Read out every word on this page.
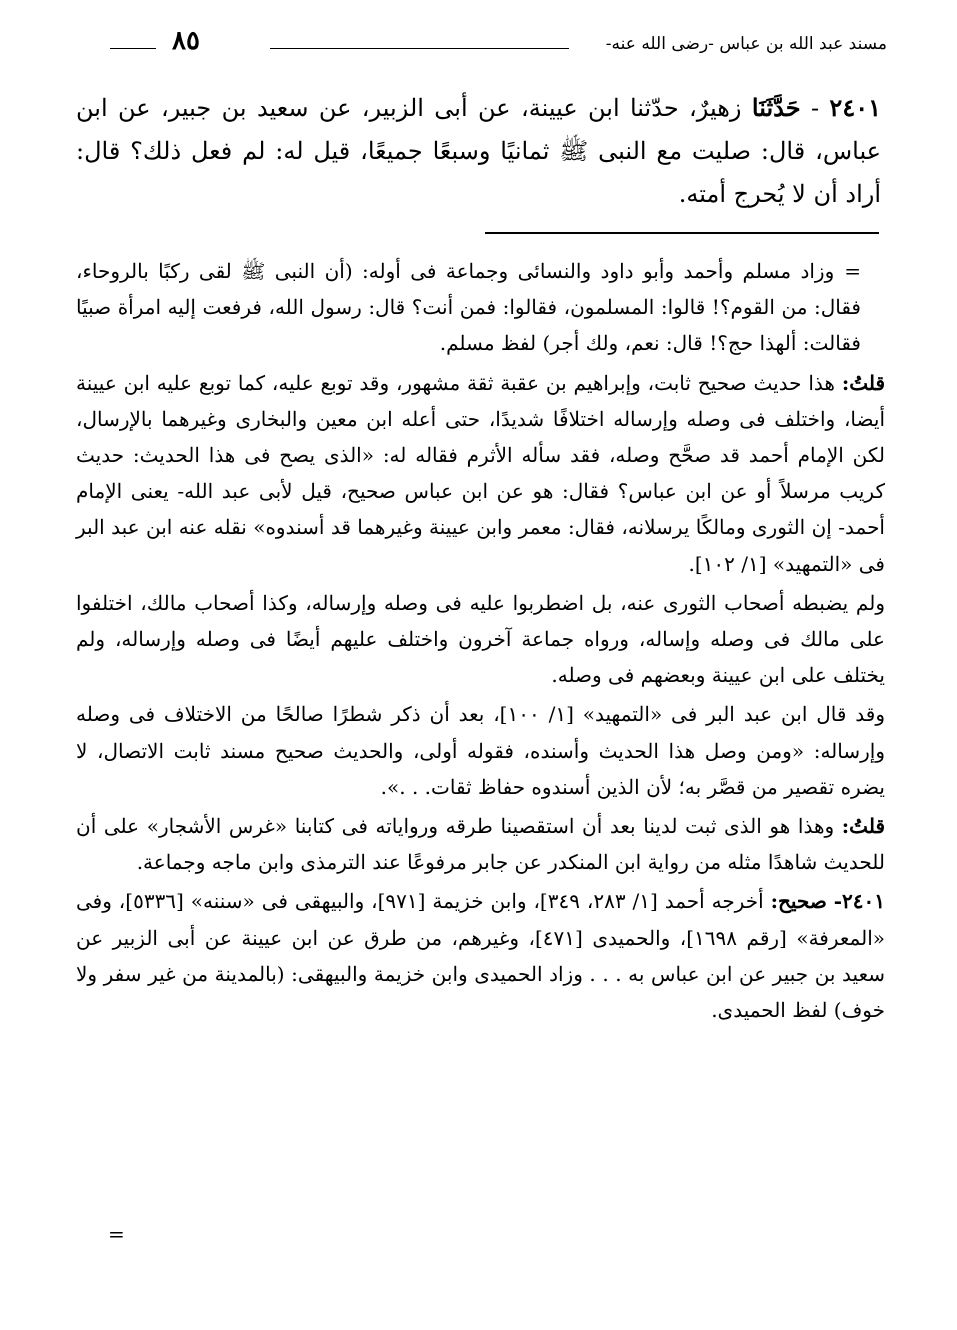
مسند عبد الله بن عباس -رضى الله عنه-
٨٥
٢٤٠١ - حَدَّثَنَا زهيرٌ، حدّثنا ابن عيينة، عن أبى الزبير، عن سعيد بن جبير، عن ابن عباس، قال: صليت مع النبى ﷺ ثمانيًا وسبعًا جميعًا، قيل له: لم فعل ذلك؟ قال: أراد أن لا يُحرج أمته.

=وزاد مسلم وأحمد وأبو داود والنسائى وجماعة فى أوله: (أن النبى ﷺ لقى ركبًا بالروحاء، فقال: من القوم؟! قالوا: المسلمون، فقالوا: فمن أنت؟ قال: رسول الله، فرفعت إليه امرأة صبيًا فقالت: ألهذا حج؟! قال: نعم، ولك أجر) لفظ مسلم.

قلتُ: هذا حديث صحيح ثابت، وإبراهيم بن عقبة ثقة مشهور، وقد توبع عليه، كما توبع عليه ابن عيينة أيضا، واختلف فى وصله وإرساله اختلافًا شديدًا، حتى أعله ابن معين والبخارى وغيرهما بالإرسال، لكن الإمام أحمد قد صحَّح وصله، فقد سأله الأثرم فقاله له: «الذى يصح فى هذا الحديث: حديث كريب مرسلاً أو عن ابن عباس؟ فقال: هو عن ابن عباس صحيح، قيل لأبى عبد الله- يعنى الإمام أحمد- إن الثورى ومالكًا يرسلانه، فقال: معمر وابن عيينة وغيرهما قد أسندوه» نقله عنه ابن عبد البر فى «التمهيد» [١/ ١٠٢].

ولم يضبطه أصحاب الثورى عنه، بل اضطربوا عليه فى وصله وإرساله، وكذا أصحاب مالك، اختلفوا على مالك فى وصله وإساله، ورواه جماعة آخرون واختلف عليهم أيضًا فى وصله وإرساله، ولم يختلف على ابن عيينة وبعضهم فى وصله.

وقد قال ابن عبد البر فى «التمهيد» [١/ ١٠٠]، بعد أن ذكر شطرًا صالحًا من الاختلاف فى وصله وإرساله: «ومن وصل هذا الحديث وأسنده، فقوله أولى، والحديث صحيح مسند ثابت الاتصال، لا يضره تقصير من قصَّر به؛ لأن الذين أسندوه حفاظ ثقات. . .».

قلتُ: وهذا هو الذى ثبت لدينا بعد أن استقصينا طرقه ورواياته فى كتابنا «غرس الأشجار» على أن للحديث شاهدًا مثله من رواية ابن المنكدر عن جابر مرفوعًا عند الترمذى وابن ماجه وجماعة.

٢٤٠١- صحيح: أخرجه أحمد [١/ ٢٨٣، ٣٤٩]، وابن خزيمة [٩٧١]، والبيهقى فى «سننه» [٥٣٣٦]، وفى «المعرفة» [رقم ١٦٩٨]، والحميدى [٤٧١]، وغيرهم، من طرق عن ابن عيينة عن أبى الزبير عن سعيد بن جبير عن ابن عباس به . . . وزاد الحميدى وابن خزيمة والبيهقى: (بالمدينة من غير سفر ولا خوف) لفظ الحميدى.

=
